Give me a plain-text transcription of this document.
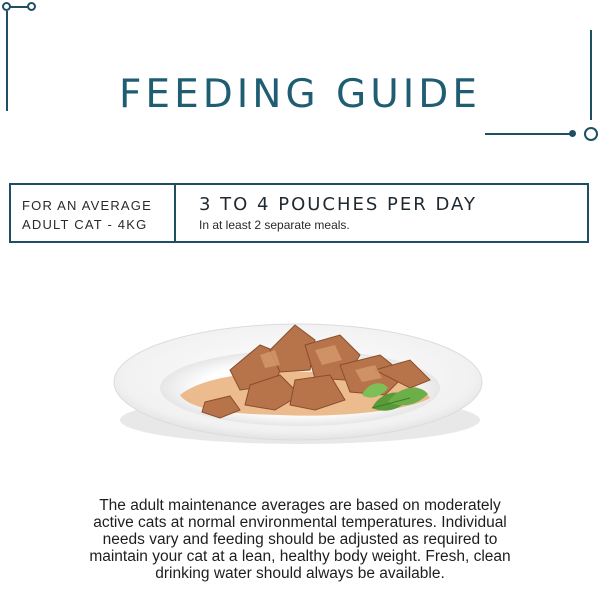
FEEDING GUIDE
FOR AN AVERAGE
ADULT CAT - 4KG
3 TO 4 POUCHES PER DAY
In at least 2 separate meals.
The adult maintenance averages are based on moderately
active cats at normal environmental temperatures. Individual
needs vary and feeding should be adjusted as required to
maintain your cat at a lean, healthy body weight. Fresh, clean
drinking water should always be available.
